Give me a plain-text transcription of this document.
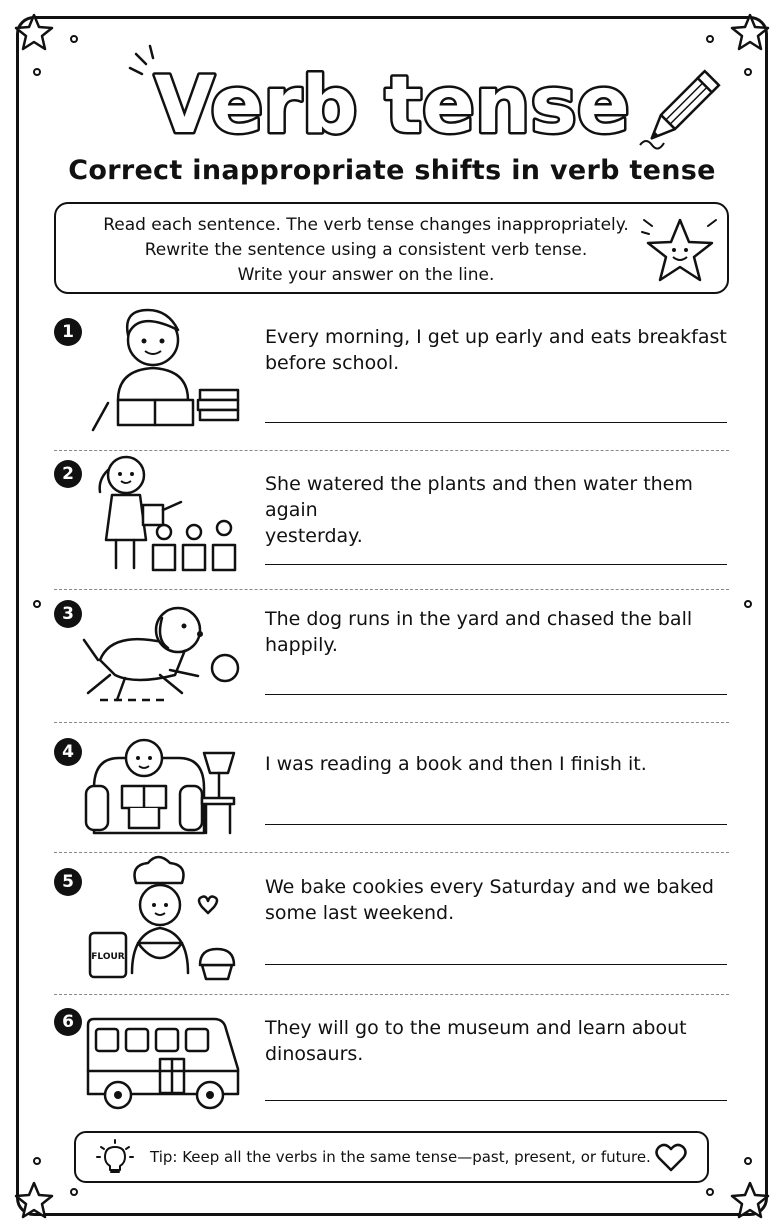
Verb tense
Correct inappropriate shifts in verb tense
Read each sentence. The verb tense changes inappropriately.
Rewrite the sentence using a consistent verb tense.
Write your answer on the line.
1	Every morning, I get up early and eats breakfast
before school.
2	She watered the plants and then water them again
yesterday.
3	The dog runs in the yard and chased the ball
happily.
4
I was reading a book and then I finish it.
5
FLOUR
We bake cookies every Saturday and we baked
some last weekend.
6	They will go to the museum and learn about
dinosaurs.
Tip: Keep all the verbs in the same tense—past, present, or future.
